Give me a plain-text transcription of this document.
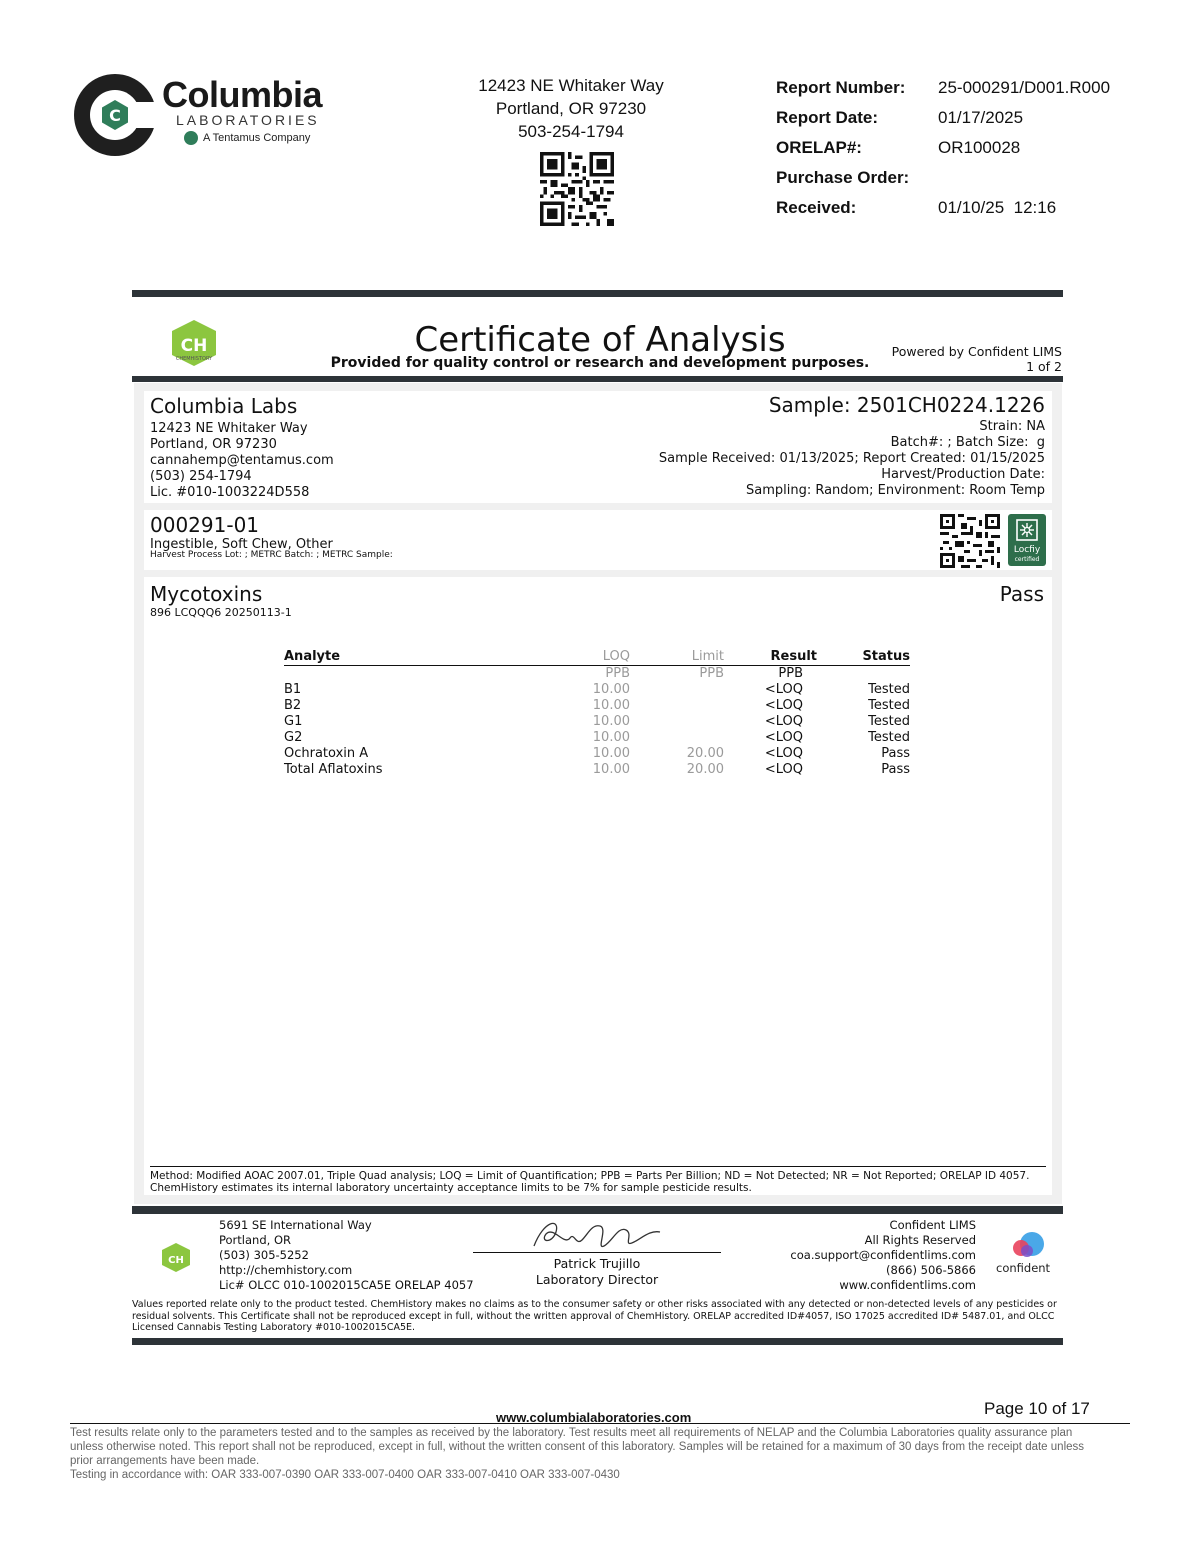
C
Columbia
LABORATORIES
A Tentamus Company
12423 NE Whitaker Way
Portland, OR 97230
503-254-1794
Report Number:	25-000291/D001.R000
Report Date:	01/17/2025
ORELAP#:	OR100028
Purchase Order:
Received:	01/10/25  12:16
CH
CHEMHISTORY	Certificate of Analysis
Provided for quality control or research and development purposes.
Powered by Confident LIMS
1 of 2
Columbia Labs
12423 NE Whitaker Way
Portland, OR 97230
cannahemp@tentamus.com
(503) 254-1794
Lic. #010-1003224D558
Sample: 2501CH0224.1226
Strain: NA
Batch#: ; Batch Size:  g
Sample Received: 01/13/2025; Report Created: 01/15/2025
Harvest/Production Date:
Sampling: Random; Environment: Room Temp
000291-01
Ingestible, Soft Chew, Other
Harvest Process Lot: ; METRC Batch: ; METRC Sample:	Locfiy
certified
Mycotoxins
896 LCQQQ6 20250113-1
Pass
Analyte	LOQ	Limit	Result	Status
	PPB	PPB	PPB	
B1	10.00		<LOQ	Tested
B2	10.00		<LOQ	Tested
G1	10.00		<LOQ	Tested
G2	10.00		<LOQ	Tested
Ochratoxin A	10.00	20.00	<LOQ	Pass
Total Aflatoxins	10.00	20.00	<LOQ	Pass
Method: Modified AOAC 2007.01, Triple Quad analysis; LOQ = Limit of Quantification; PPB = Parts Per Billion; ND = Not Detected; NR = Not Reported; ORELAP ID 4057. ChemHistory estimates its internal laboratory uncertainty acceptance limits to be 7% for sample pesticide results.
CH
5691 SE International Way
Portland, OR
(503) 305-5252
http://chemhistory.com
Lic# OLCC 010-1002015CA5E ORELAP 4057
Patrick Trujillo
Laboratory Director
Confident LIMS
All Rights Reserved
coa.support@confidentlims.com
(866) 506-5866
www.confidentlims.com
confident
Values reported relate only to the product tested. ChemHistory makes no claims as to the consumer safety or other risks associated with any detected or non-detected levels of any pesticides or residual solvents. This Certificate shall not be reproduced except in full, without the written approval of ChemHistory. ORELAP accredited ID#4057, ISO 17025 accredited ID# 5487.01, and OLCC Licensed Cannabis Testing Laboratory #010-1002015CA5E.
Page 10 of 17
www.columbialaboratories.com
Test results relate only to the parameters tested and to the samples as received by the laboratory. Test results meet all requirements of NELAP and the Columbia Laboratories quality assurance plan
unless otherwise noted. This report shall not be reproduced, except in full, without the written consent of this laboratory. Samples will be retained for a maximum of 30 days from the receipt date unless
prior arrangements have been made.
Testing in accordance with: OAR 333-007-0390 OAR 333-007-0400 OAR 333-007-0410 OAR 333-007-0430
